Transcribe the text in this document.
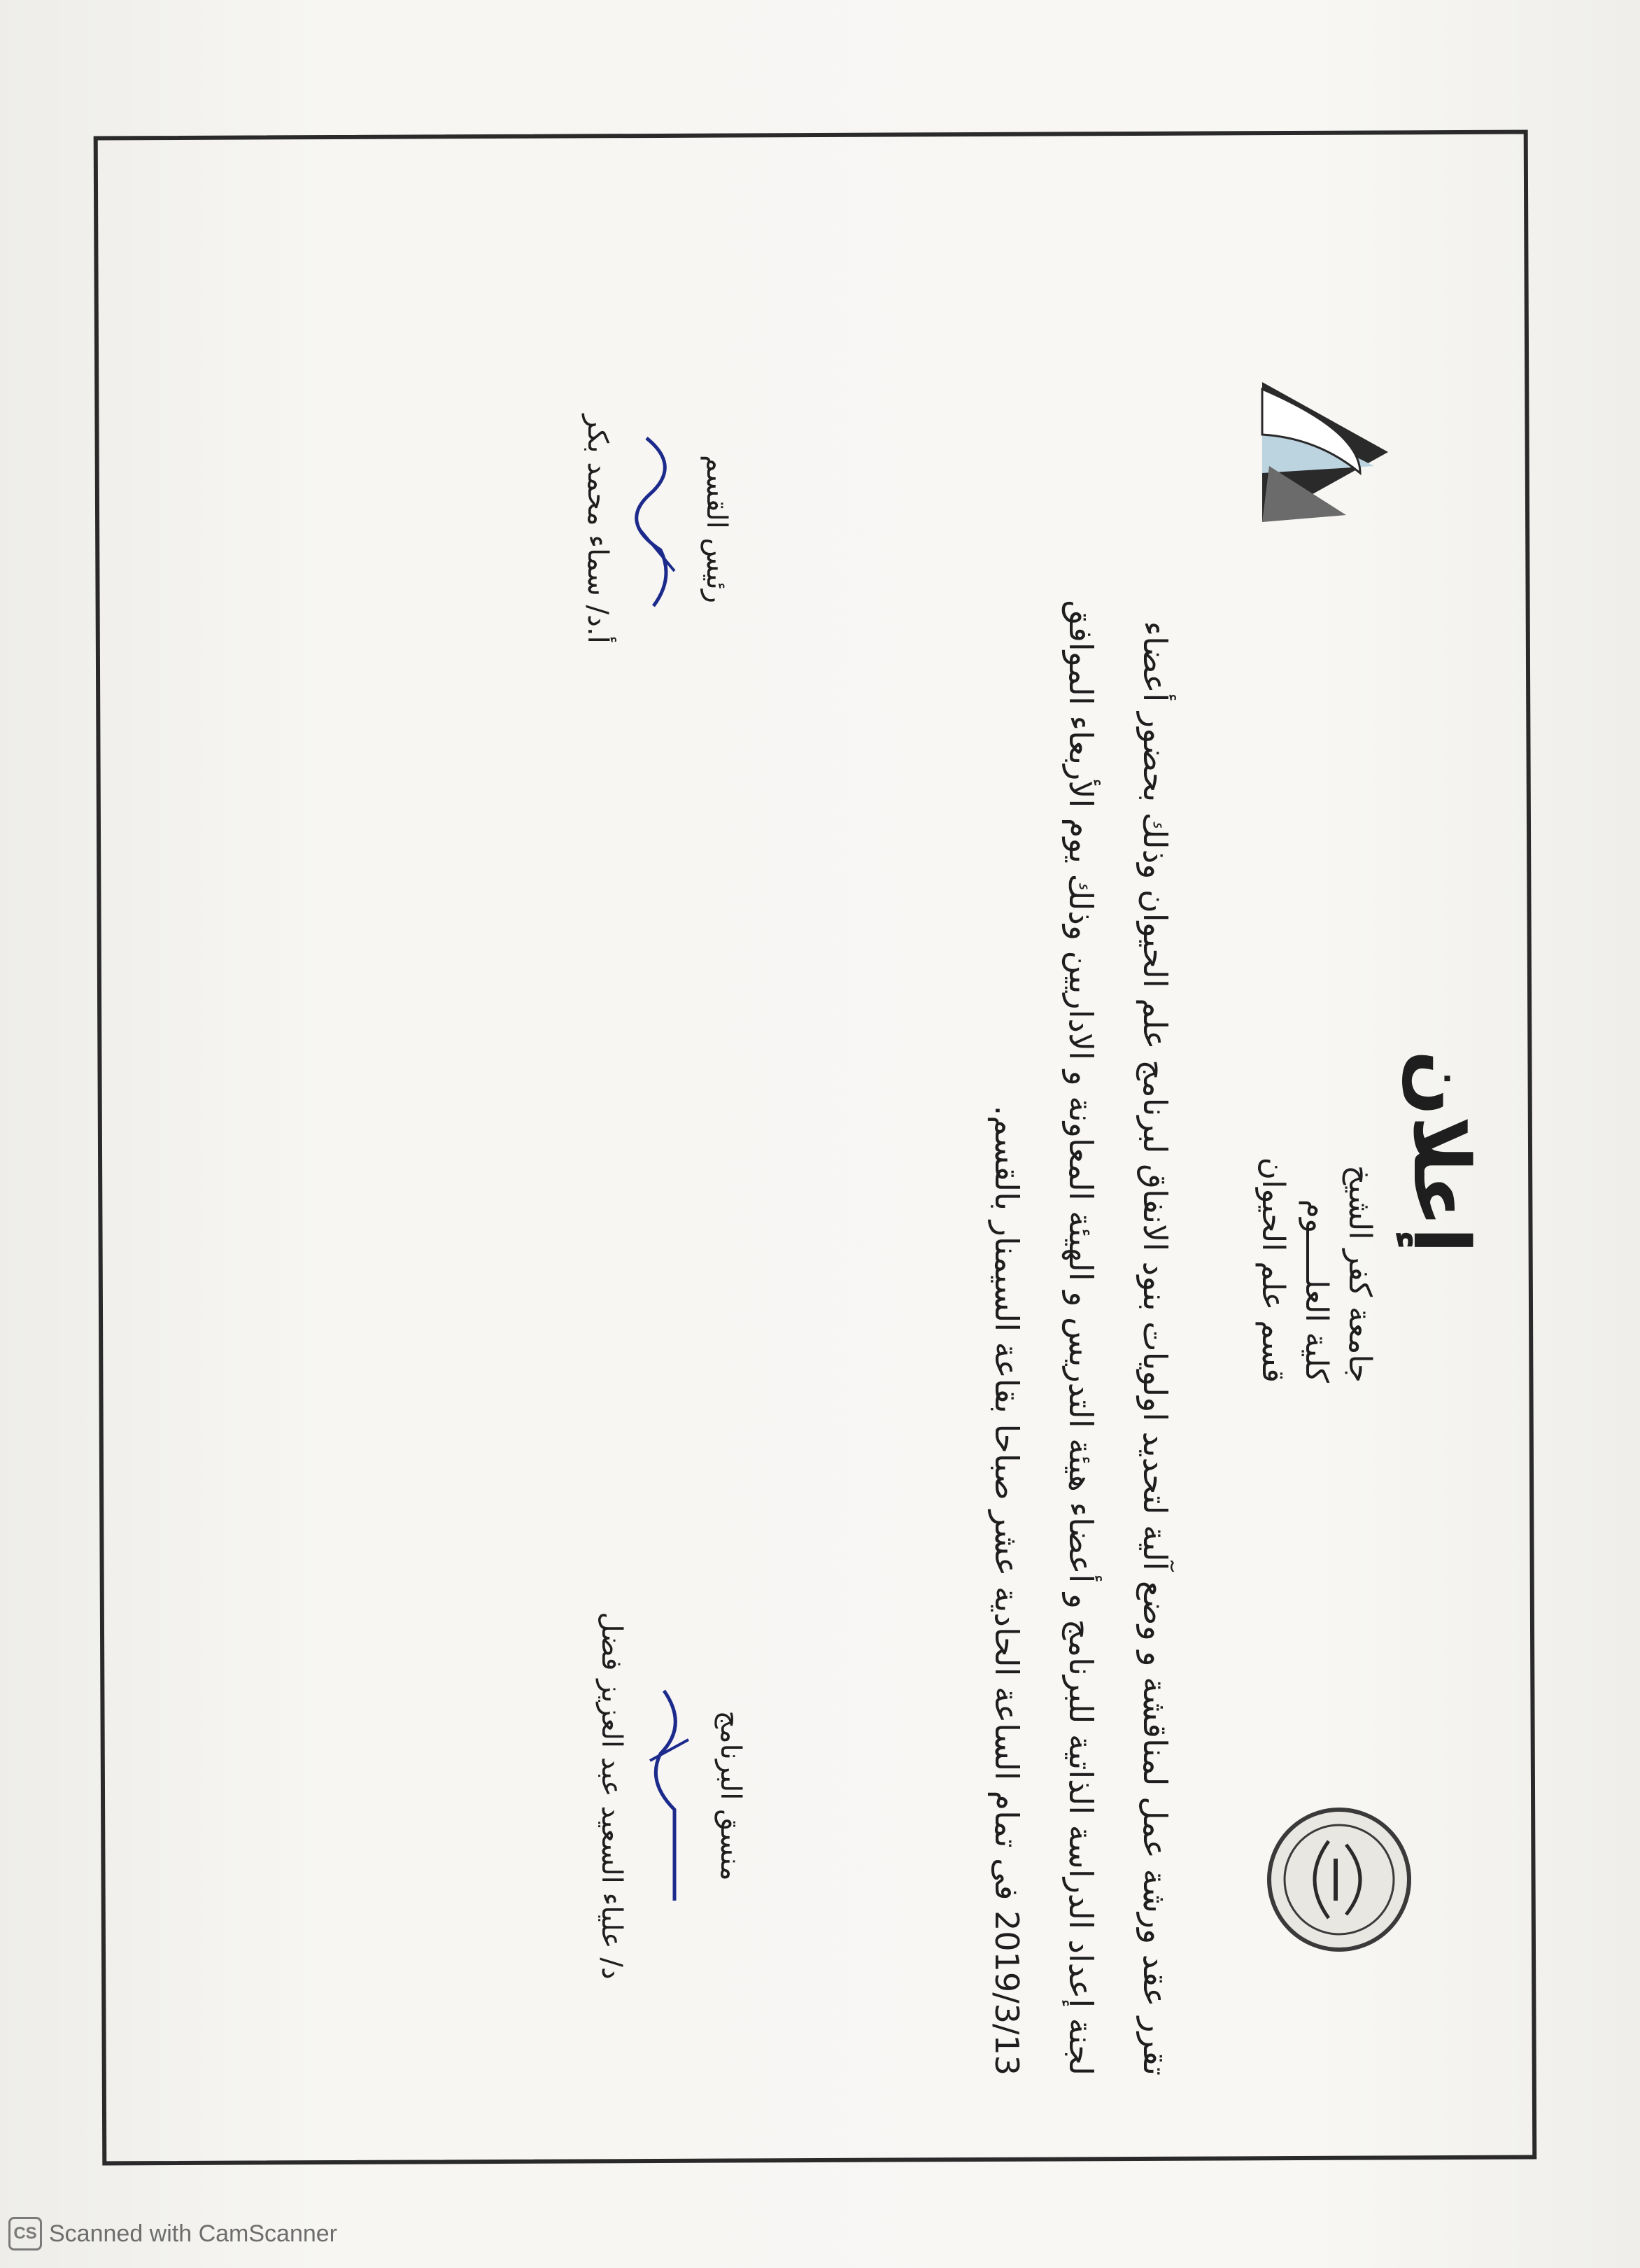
إعلان
جامعة كفر الشيخ
كلية العلـــــوم
قسم علم الحيوان

تقرر عقد ورشة عمل لمناقشة و وضع آلية لتحديد اولويات بنود الانفاق لبرنامج علم الحيوان وذلك بحضور أعضاء

لجنة إعداد الدراسة الذاتية للبرنامج و أعضاء هيئة التدريس و الهيئة المعاونة و الاداريين وذلك يوم الأربعاء الموافق

2019/3/13 فى تمام الساعة الحادية عشر صباحا بقاعة السيمنار بالقسم.

رئيس القسم
أ.د/ سماء محمد بكر
منسق البرنامج
د/ علياء السعيد عبد العزيز فضل
CS Scanned with CamScanner
